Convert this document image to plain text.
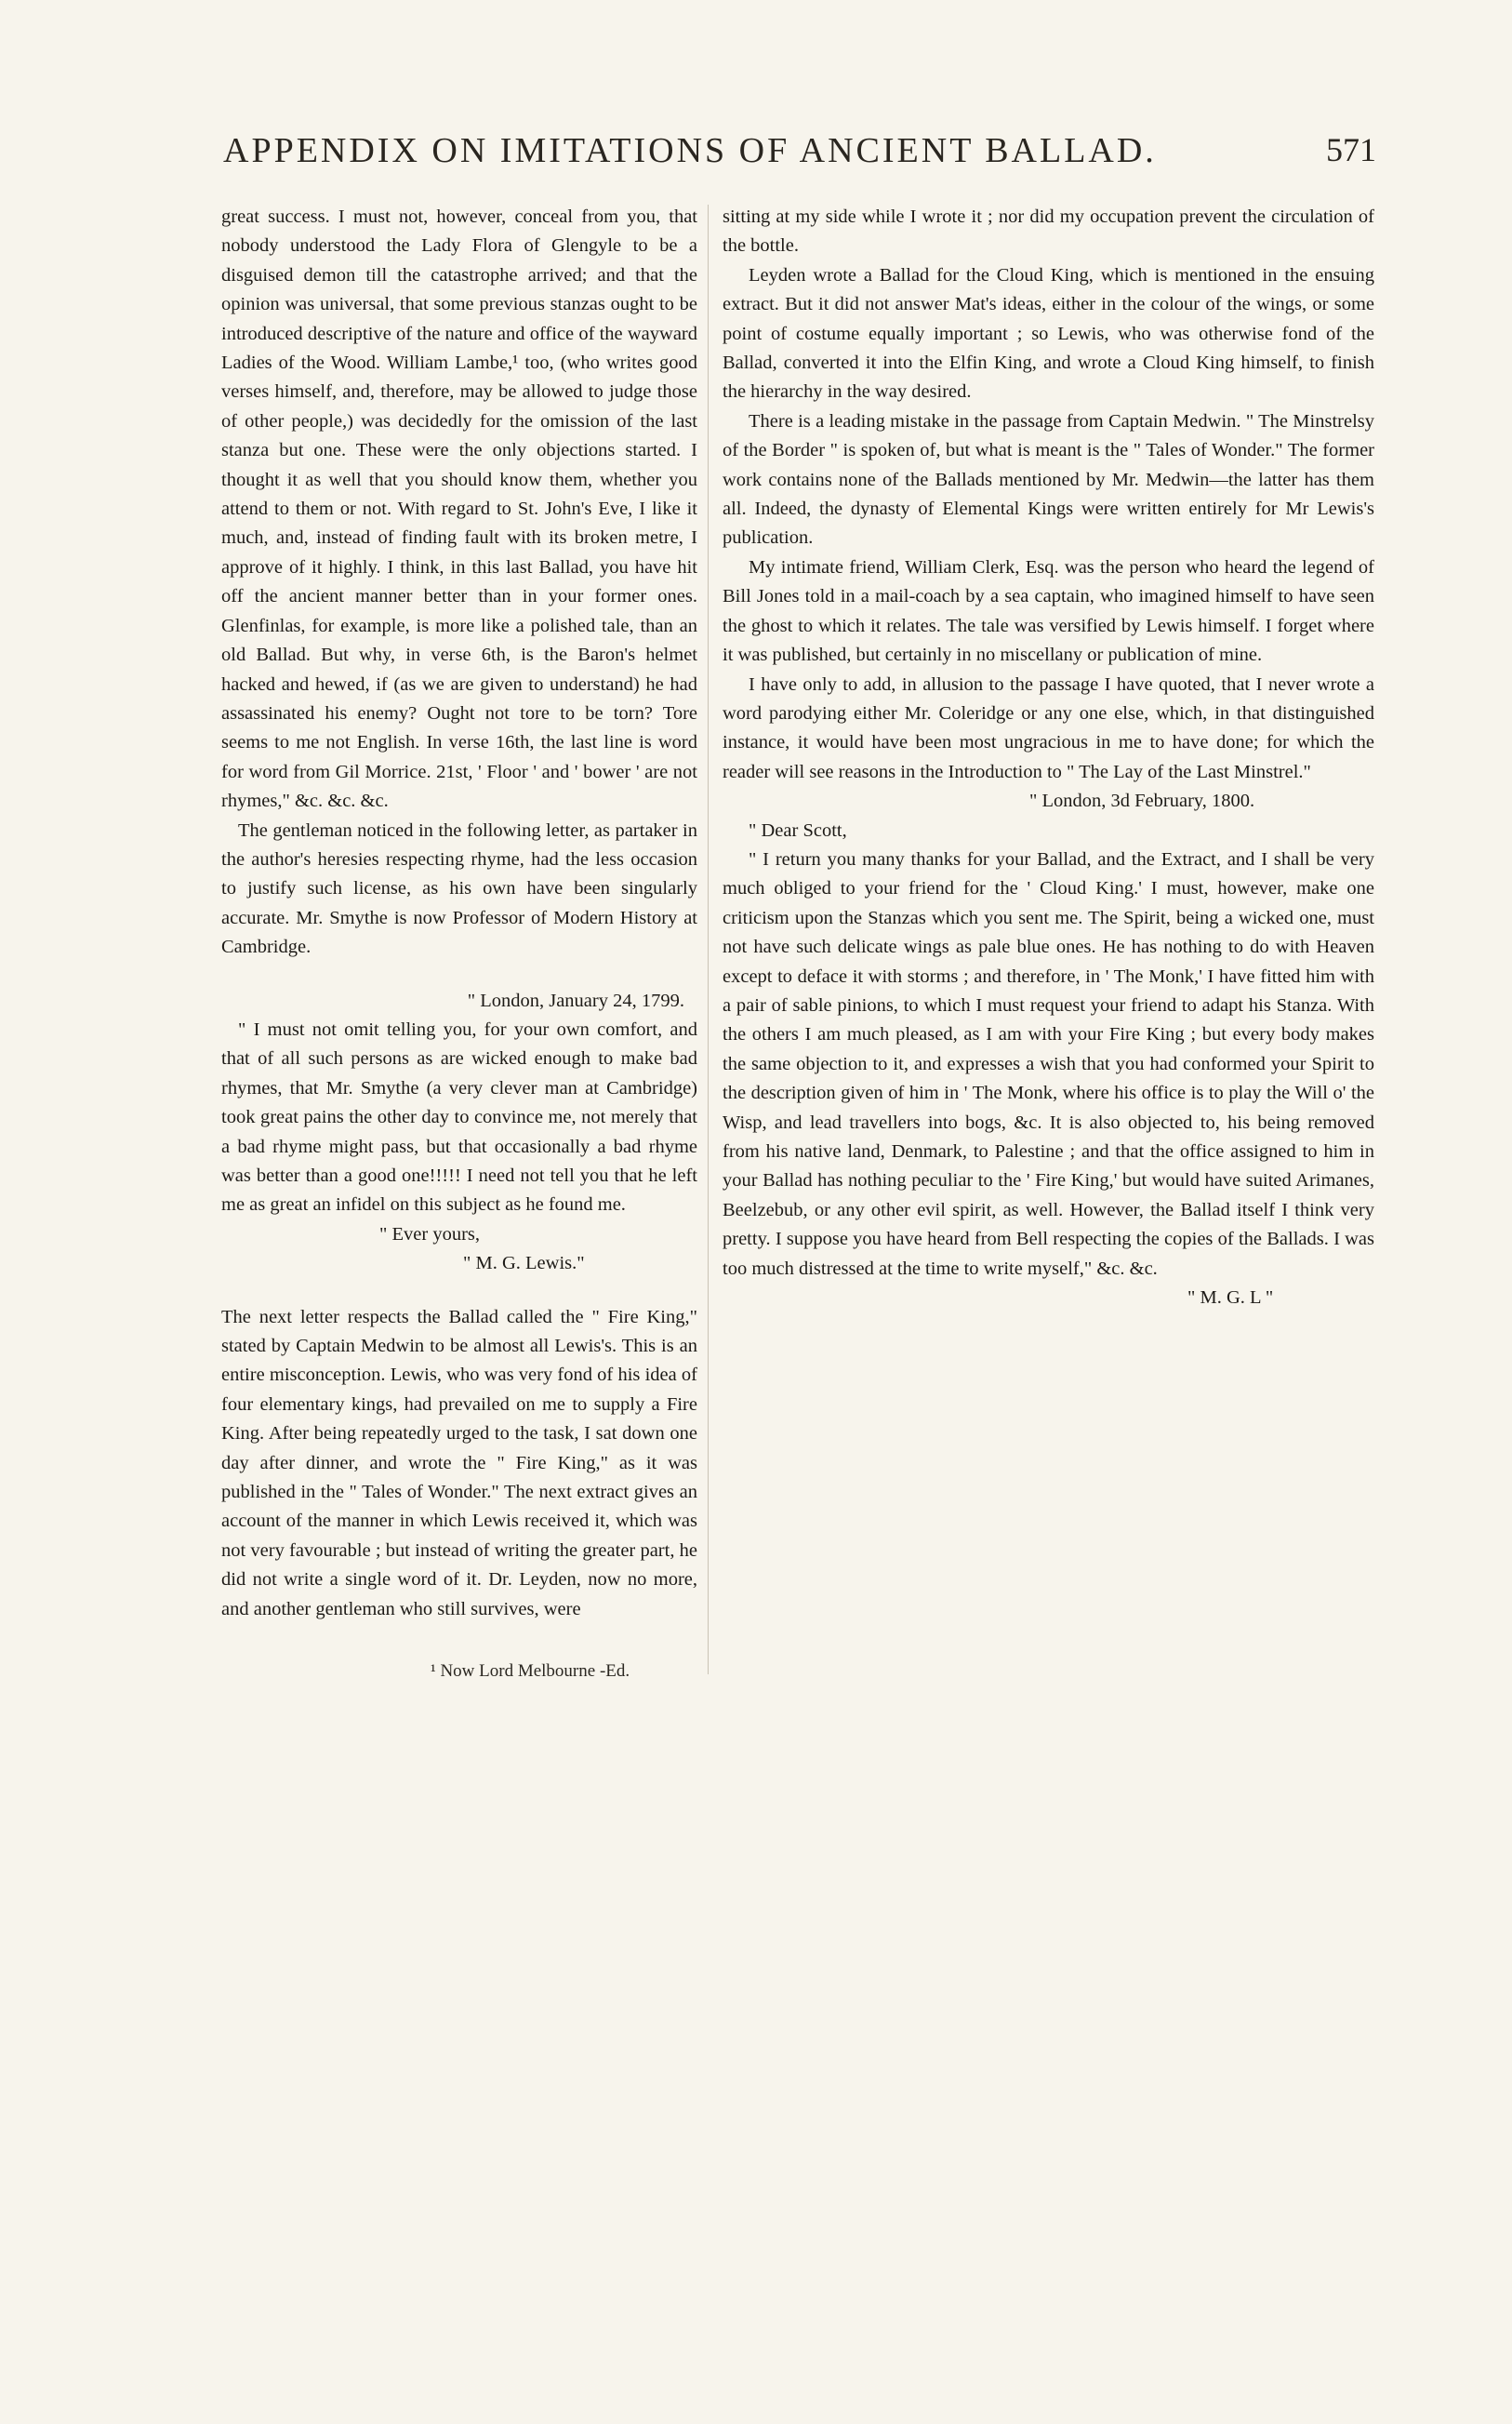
APPENDIX ON IMITATIONS OF ANCIENT BALLAD.	571

great success. I must not, however, conceal from you, that nobody understood the Lady Flora of Glengyle to be a disguised demon till the catastrophe arrived; and that the opinion was universal, that some previous stanzas ought to be introduced descriptive of the nature and office of the wayward Ladies of the Wood. William Lambe,¹ too, (who writes good verses himself, and, therefore, may be allowed to judge those of other people,) was decidedly for the omission of the last stanza but one. These were the only objections started. I thought it as well that you should know them, whether you attend to them or not. With regard to St. John's Eve, I like it much, and, instead of finding fault with its broken metre, I approve of it highly. I think, in this last Ballad, you have hit off the ancient manner better than in your former ones. Glenfinlas, for example, is more like a polished tale, than an old Ballad. But why, in verse 6th, is the Baron's helmet hacked and hewed, if (as we are given to understand) he had assassinated his enemy? Ought not tore to be torn? Tore seems to me not English. In verse 16th, the last line is word for word from Gil Morrice. 21st, ' Floor ' and ' bower ' are not rhymes," &c. &c. &c.

The gentleman noticed in the following letter, as partaker in the author's heresies respecting rhyme, had the less occasion to justify such license, as his own have been singularly accurate. Mr. Smythe is now Professor of Modern History at Cambridge.

" London, January 24, 1799.

" I must not omit telling you, for your own comfort, and that of all such persons as are wicked enough to make bad rhymes, that Mr. Smythe (a very clever man at Cambridge) took great pains the other day to convince me, not merely that a bad rhyme might pass, but that occasionally a bad rhyme was better than a good one!!!!! I need not tell you that he left me as great an infidel on this subject as he found me.

" Ever yours,

" M. G. Lewis."

The next letter respects the Ballad called the " Fire King," stated by Captain Medwin to be almost all Lewis's. This is an entire misconception. Lewis, who was very fond of his idea of four elementary kings, had prevailed on me to supply a Fire King. After being repeatedly urged to the task, I sat down one day after dinner, and wrote the " Fire King," as it was published in the " Tales of Wonder." The next extract gives an account of the manner in which Lewis received it, which was not very favourable ; but instead of writing the greater part, he did not write a single word of it. Dr. Leyden, now no more, and another gentleman who still survives, were

¹ Now Lord Melbourne -Ed.

sitting at my side while I wrote it ; nor did my occupation prevent the circulation of the bottle.

Leyden wrote a Ballad for the Cloud King, which is mentioned in the ensuing extract. But it did not answer Mat's ideas, either in the colour of the wings, or some point of costume equally important ; so Lewis, who was otherwise fond of the Ballad, converted it into the Elfin King, and wrote a Cloud King himself, to finish the hierarchy in the way desired.

There is a leading mistake in the passage from Captain Medwin. " The Minstrelsy of the Border " is spoken of, but what is meant is the " Tales of Wonder." The former work contains none of the Ballads mentioned by Mr. Medwin—the latter has them all. Indeed, the dynasty of Elemental Kings were written entirely for Mr Lewis's publication.

My intimate friend, William Clerk, Esq. was the person who heard the legend of Bill Jones told in a mail-coach by a sea captain, who imagined himself to have seen the ghost to which it relates. The tale was versified by Lewis himself. I forget where it was published, but certainly in no miscellany or publication of mine.

I have only to add, in allusion to the passage I have quoted, that I never wrote a word parodying either Mr. Coleridge or any one else, which, in that distinguished instance, it would have been most ungracious in me to have done; for which the reader will see reasons in the Introduction to " The Lay of the Last Minstrel."

" London, 3d February, 1800.

" Dear Scott,

" I return you many thanks for your Ballad, and the Extract, and I shall be very much obliged to your friend for the ' Cloud King.' I must, however, make one criticism upon the Stanzas which you sent me. The Spirit, being a wicked one, must not have such delicate wings as pale blue ones. He has nothing to do with Heaven except to deface it with storms ; and therefore, in ' The Monk,' I have fitted him with a pair of sable pinions, to which I must request your friend to adapt his Stanza. With the others I am much pleased, as I am with your Fire King ; but every body makes the same objection to it, and expresses a wish that you had conformed your Spirit to the description given of him in ' The Monk, where his office is to play the Will o' the Wisp, and lead travellers into bogs, &c. It is also objected to, his being removed from his native land, Denmark, to Palestine ; and that the office assigned to him in your Ballad has nothing peculiar to the ' Fire King,' but would have suited Arimanes, Beelzebub, or any other evil spirit, as well. However, the Ballad itself I think very pretty. I suppose you have heard from Bell respecting the copies of the Ballads. I was too much distressed at the time to write myself," &c. &c.

" M. G. L "
